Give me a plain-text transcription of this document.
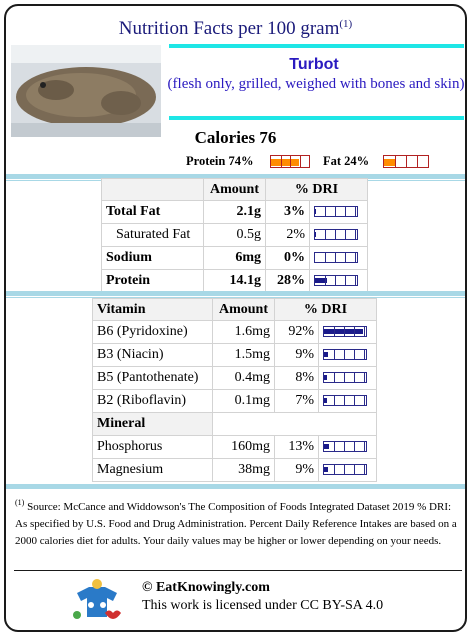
Nutrition Facts per 100 gram$^{(1)}$
Turbot
(flesh only, grilled, weighed with bones and skin)
Calories 76
Protein 74%	Fat 24%
	Amount	% DRI	
Total Fat	2.1g	3%	

Saturated Fat	0.5g	2%	

Sodium	6mg	0%	

Protein	14.1g	28%	
Vitamin	Amount	% DRI	
B6 (Pyridoxine)	1.6mg	92%	

B3 (Niacin)	1.5mg	9%	

B5 (Pantothenate)	0.4mg	8%	

B2 (Riboflavin)	0.1mg	7%	

Mineral			
Phosphorus	160mg	13%	

Magnesium	38mg	9%	
$^{(1)}$ Source: McCance and Widdowson's The Composition of Foods Integrated Dataset 2019 % DRI: As specified by U.S. Food and Drug Administration. Percent Daily Reference Intakes are based on a 2000 calories diet for adults. Your daily values may be higher or lower depending on your needs.
© EatKnowingly.com
This work is licensed under CC BY-SA 4.0
